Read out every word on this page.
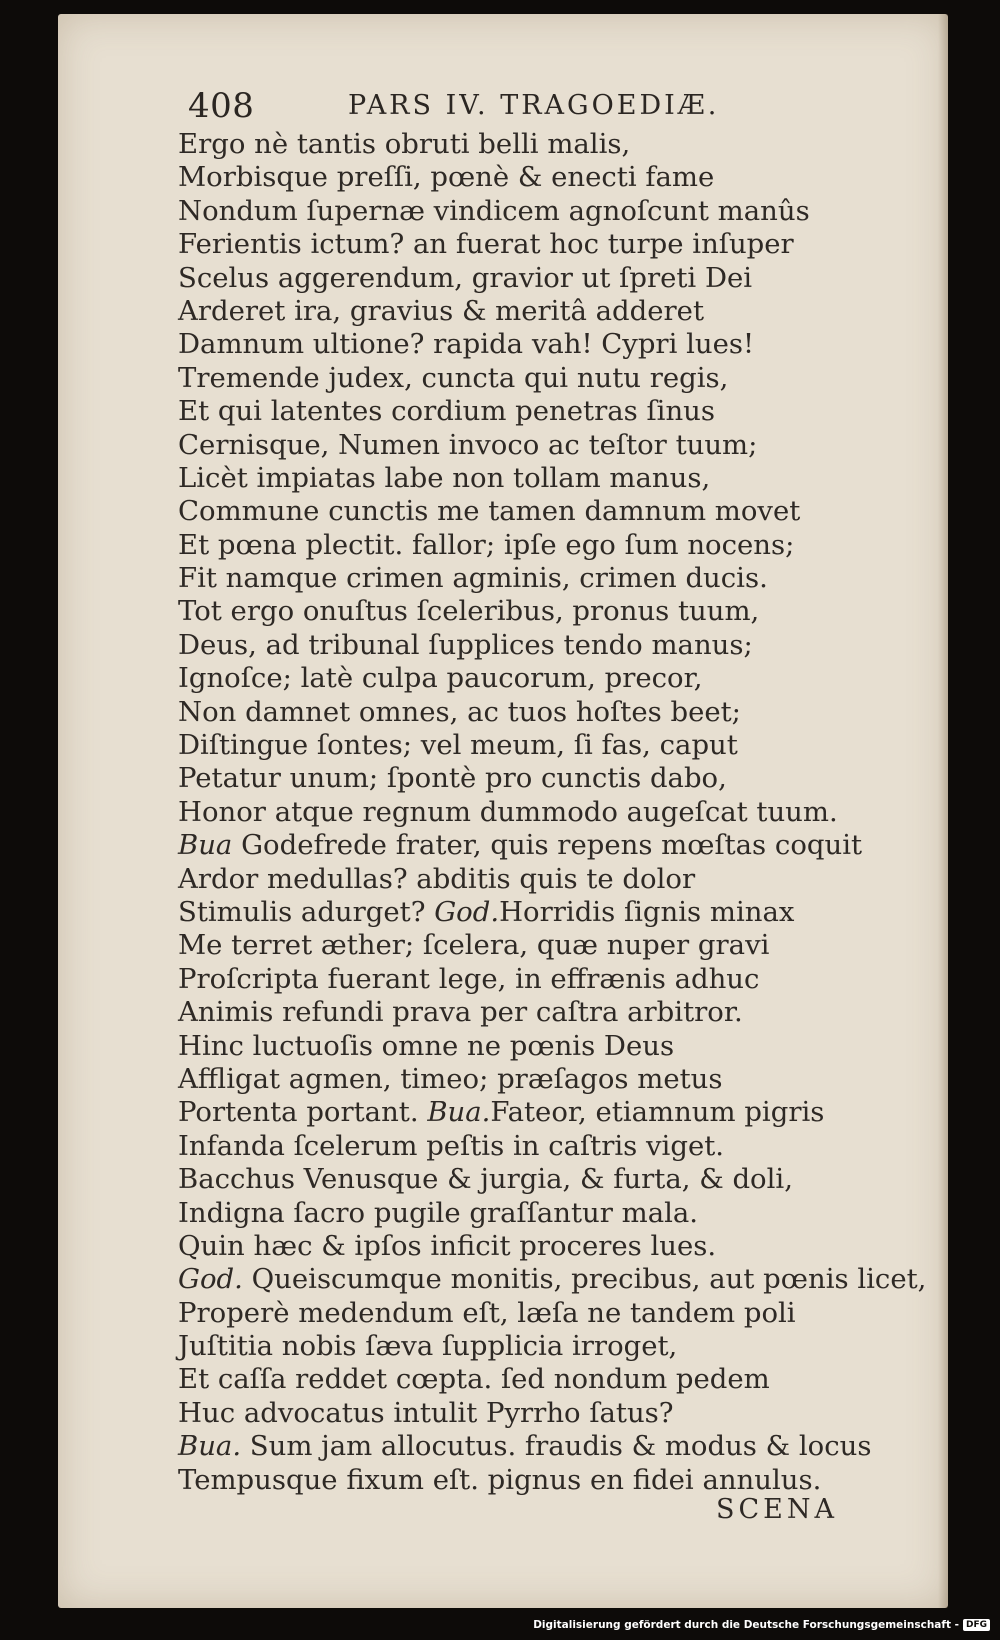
408	PARS IV. TRAGOEDIÆ.
Ergo nè tantis obruti belli malis,
Morbisque preſſi, pœnè & enecti fame
Nondum ſupernæ vindicem agnoſcunt manûs
Ferientis ictum? an fuerat hoc turpe inſuper
Scelus aggerendum, gravior ut ſpreti Dei
Arderet ira, gravius & meritâ adderet
Damnum ultione? rapida vah! Cypri lues!
Tremende judex, cuncta qui nutu regis,
Et qui latentes cordium penetras ſinus
Cernisque, Numen invoco ac teſtor tuum;
Licèt impiatas labe non tollam manus,
Commune cunctis me tamen damnum movet
Et pœna plectit. fallor; ipſe ego ſum nocens;
Fit namque crimen agminis, crimen ducis.
Tot ergo onuſtus ſceleribus, pronus tuum,
Deus, ad tribunal ſupplices tendo manus;
Ignoſce; latè culpa paucorum, precor,
Non damnet omnes, ac tuos hoſtes beet;
Diſtingue ſontes; vel meum, ſi fas, caput
Petatur unum; ſpontè pro cunctis dabo,
Honor atque regnum dummodo augeſcat tuum.
Bua Godefrede frater, quis repens mœſtas coquit
Ardor medullas? abditis quis te dolor
Stimulis adurget? God.Horridis ſignis minax
Me terret æther; ſcelera, quæ nuper gravi
Proſcripta fuerant lege, in effrænis adhuc
Animis refundi prava per caſtra arbitror.
Hinc luctuoſis omne ne pœnis Deus
Affligat agmen, timeo; præſagos metus
Portenta portant. Bua.Fateor, etiamnum pigris
Infanda ſcelerum peſtis in caſtris viget.
Bacchus Venusque & jurgia, & furta, & doli,
Indigna ſacro pugile graſſantur mala.
Quin hæc & ipſos inficit proceres lues.
God. Queiscumque monitis, precibus, aut pœnis licet,
Properè medendum eſt, læſa ne tandem poli
Juſtitia nobis ſæva ſupplicia irroget,
Et caſſa reddet cœpta. ſed nondum pedem
Huc advocatus intulit Pyrrho ſatus?
Bua. Sum jam allocutus. fraudis & modus & locus
Tempusque fixum eſt. pignus en fidei annulus.
SCENA
Digitalisierung gefördert durch die Deutsche Forschungsgemeinschaft - DFG
